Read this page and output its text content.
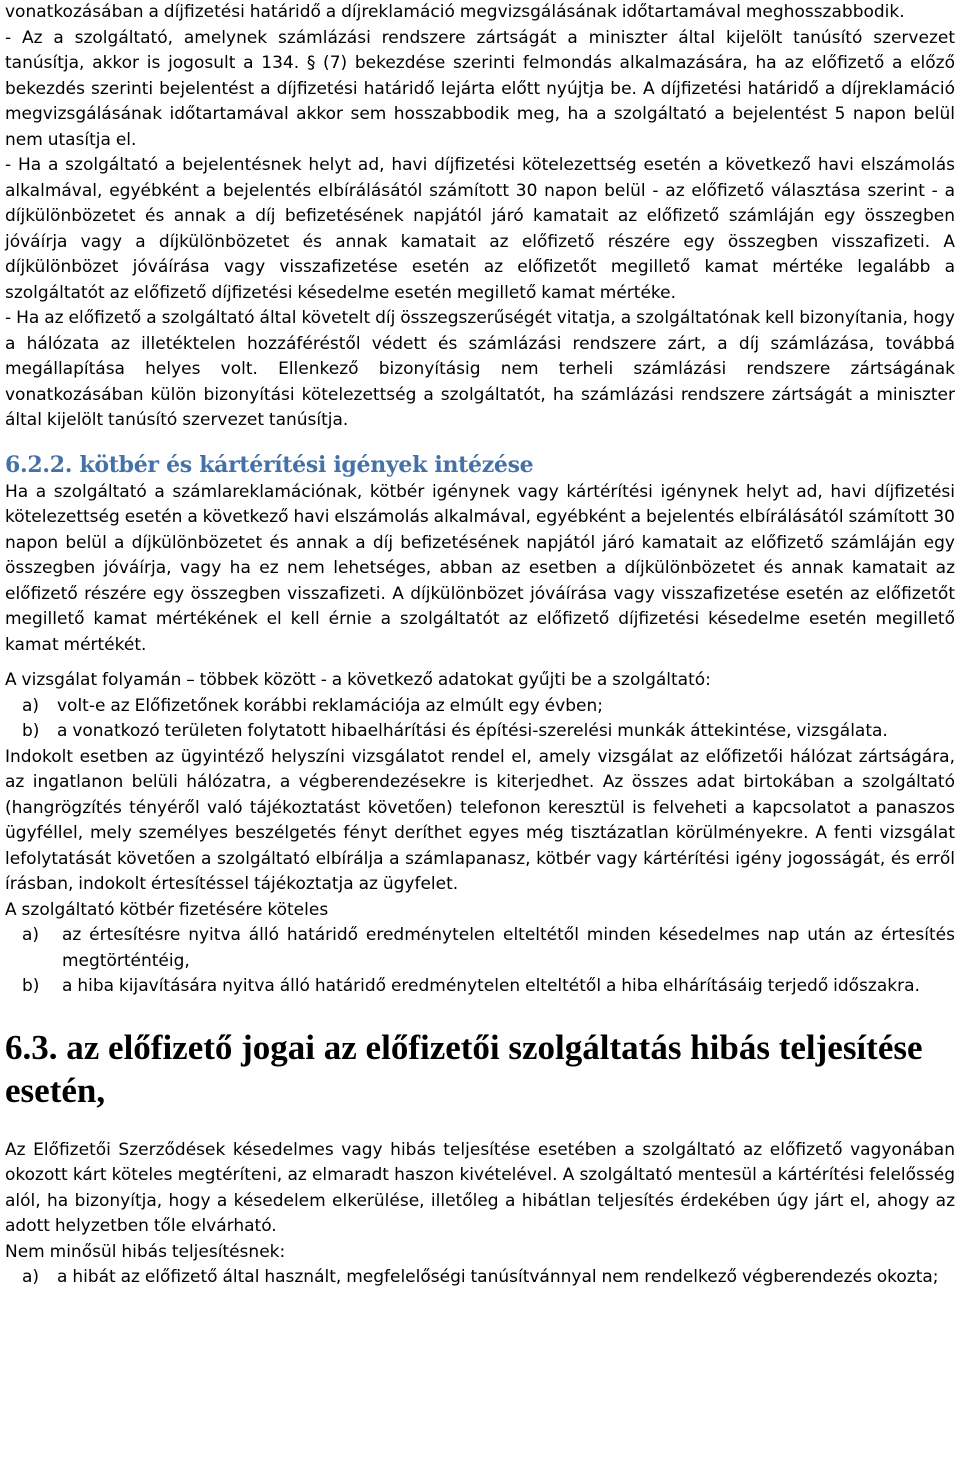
vonatkozásában a díjfizetési határidő a díjreklamáció megvizsgálásának időtartamával meghosszabbodik.

- Az a szolgáltató, amelynek számlázási rendszere zártságát a miniszter által kijelölt tanúsító szervezet tanúsítja, akkor is jogosult a 134. § (7) bekezdése szerinti felmondás alkalmazására, ha az előfizető a előző bekezdés szerinti bejelentést a díjfizetési határidő lejárta előtt nyújtja be. A díjfizetési határidő a díjreklamáció megvizsgálásának időtartamával akkor sem hosszabbodik meg, ha a szolgáltató a bejelentést 5 napon belül nem utasítja el.

- Ha a szolgáltató a bejelentésnek helyt ad, havi díjfizetési kötelezettség esetén a következő havi elszámolás alkalmával, egyébként a bejelentés elbírálásától számított 30 napon belül - az előfizető választása szerint - a díjkülönbözetet és annak a díj befizetésének napjától járó kamatait az előfizető számláján egy összegben jóváírja vagy a díjkülönbözetet és annak kamatait az előfizető részére egy összegben visszafizeti. A díjkülönbözet jóváírása vagy visszafizetése esetén az előfizetőt megillető kamat mértéke legalább a szolgáltatót az előfizető díjfizetési késedelme esetén megillető kamat mértéke.

- Ha az előfizető a szolgáltató által követelt díj összegszerűségét vitatja, a szolgáltatónak kell bizonyítania, hogy a hálózata az illetéktelen hozzáféréstől védett és számlázási rendszere zárt, a díj számlázása, továbbá megállapítása helyes volt. Ellenkező bizonyításig nem terheli számlázási rendszere zártságának vonatkozásában külön bizonyítási kötelezettség a szolgáltatót, ha számlázási rendszere zártságát a miniszter által kijelölt tanúsító szervezet tanúsítja.

6.2.2. kötbér és kártérítési igények intézése

Ha a szolgáltató a számlareklamációnak, kötbér igénynek vagy kártérítési igénynek helyt ad, havi díjfizetési kötelezettség esetén a következő havi elszámolás alkalmával, egyébként a bejelentés elbírálásától számított 30 napon belül a díjkülönbözetet és annak a díj befizetésének napjától járó kamatait az előfizető számláján egy összegben jóváírja, vagy ha ez nem lehetséges, abban az esetben a díjkülönbözetet és annak kamatait az előfizető részére egy összegben visszafizeti. A díjkülönbözet jóváírása vagy visszafizetése esetén az előfizetőt megillető kamat mértékének el kell érnie a szolgáltatót az előfizető díjfizetési késedelme esetén megillető kamat mértékét.

A vizsgálat folyamán – többek között - a következő adatokat gyűjti be a szolgáltató:

a)	volt-e az Előfizetőnek korábbi reklamációja az elmúlt egy évben;
b)	a vonatkozó területen folytatott hibaelhárítási és építési-szerelési munkák áttekintése, vizsgálata.

Indokolt esetben az ügyintéző helyszíni vizsgálatot rendel el, amely vizsgálat az előfizetői hálózat zártságára, az ingatlanon belüli hálózatra, a végberendezésekre is kiterjedhet. Az összes adat birtokában a szolgáltató (hangrögzítés tényéről való tájékoztatást követően) telefonon keresztül is felveheti a kapcsolatot a panaszos ügyféllel, mely személyes beszélgetés fényt deríthet egyes még tisztázatlan körülményekre. A fenti vizsgálat lefolytatását követően a szolgáltató elbírálja a számlapanasz, kötbér vagy kártérítési igény jogosságát, és erről írásban, indokolt értesítéssel tájékoztatja az ügyfelet.

A szolgáltató kötbér fizetésére köteles

a)	az értesítésre nyitva álló határidő eredménytelen elteltétől minden késedelmes nap után az értesítés megtörténtéig,
b)	a hiba kijavítására nyitva álló határidő eredménytelen elteltétől a hiba elhárításáig terjedő időszakra.
6.3. az előfizető jogai az előfizetői szolgáltatás hibás teljesítése esetén,

Az Előfizetői Szerződések késedelmes vagy hibás teljesítése esetében a szolgáltató az előfizető vagyonában okozott kárt köteles megtéríteni, az elmaradt haszon kivételével. A szolgáltató mentesül a kártérítési felelősség alól, ha bizonyítja, hogy a késedelem elkerülése, illetőleg a hibátlan teljesítés érdekében úgy járt el, ahogy az adott helyzetben tőle elvárható.

Nem minősül hibás teljesítésnek:

a)	a hibát az előfizető által használt, megfelelőségi tanúsítvánnyal nem rendelkező végberendezés okozta;
